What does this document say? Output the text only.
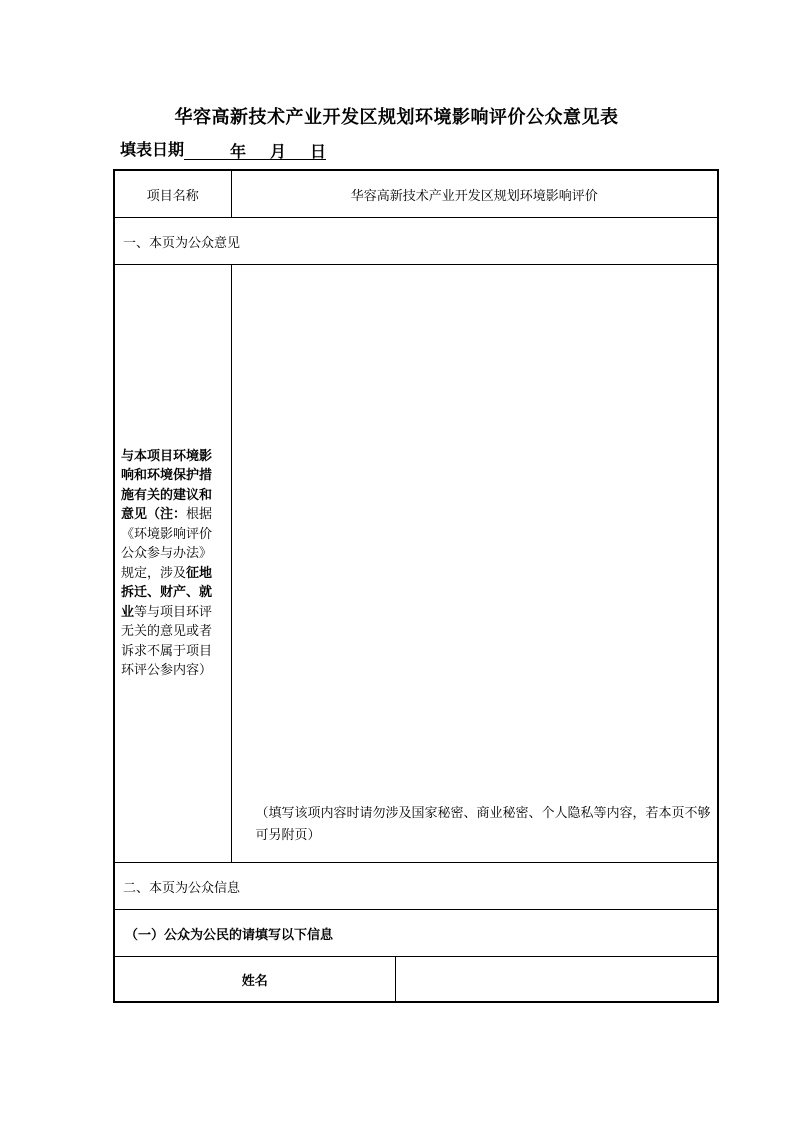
华容高新技术产业开发区规划环境影响评价公众意见表
填表日期	年 月 日
项目名称	华容高新技术产业开发区规划环境影响评价	
一、本页为公众意见		
与本项目环境影响和环境保护措施有关的建议和意见（注：根据《环境影响评价公众参与办法》规定，涉及征地拆迁、财产、就业等与项目环评无关的意见或者诉求不属于项目环评公参内容）	（填写该项内容时请勿涉及国家秘密、商业秘密、个人隐私等内容，若本页不够可另附页）	

二、本页为公众信息		
（一）公众为公民的请填写以下信息		
姓名		
